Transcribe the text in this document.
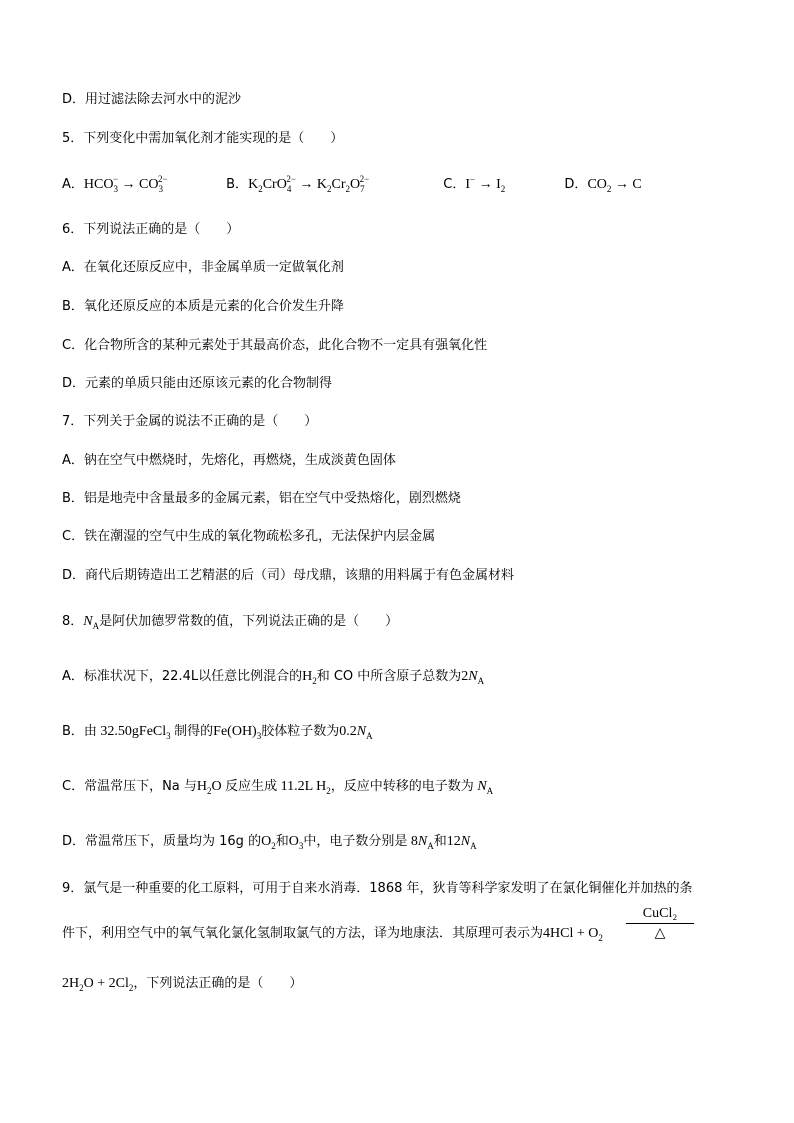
D．用过滤法除去河水中的泥沙
5．下列变化中需加氧化剂才能实现的是（　　）
A．$HCO_3^- \to CO_3^{2-}$	B．$K_2CrO_4^{2-} \to K_2Cr_2O_7^{2-}$	C．$I^- \to I_2$	D．$CO_2 \to C$
6．下列说法正确的是（　　）
A．在氧化还原反应中，非金属单质一定做氧化剂
B．氧化还原反应的本质是元素的化合价发生升降
C．化合物所含的某种元素处于其最高价态，此化合物不一定具有强氧化性
D．元素的单质只能由还原该元素的化合物制得
7．下列关于金属的说法不正确的是（　　）
A．钠在空气中燃烧时，先熔化，再燃烧，生成淡黄色固体
B．铝是地壳中含量最多的金属元素，铝在空气中受热熔化，剧烈燃烧
C．铁在潮湿的空气中生成的氧化物疏松多孔，无法保护内层金属
D．商代后期铸造出工艺精湛的后（司）母戊鼎，该鼎的用料属于有色金属材料
8．$N_A$是阿伏加德罗常数的值，下列说法正确的是（　　）
A．标准状况下，22.4L以任意比例混合的$H_2$和 CO 中所含原子总数为$2N_A$
B．由 32.50gFeCl$_3$ 制得的$Fe(OH)_3$胶体粒子数为$0.2N_A$
C．常温常压下，Na 与$H_2O$ 反应生成 11.2L $H_2$，反应中转移的电子数为 $N_A$
D．常温常压下，质量均为 16g 的$O_2$和$O_3$中，电子数分别是 $8N_A$和$12N_A$
9．氯气是一种重要的化工原料，可用于自来水消毒．1868 年，狄肯等科学家发明了在氯化铜催化并加热的条
件下，利用空气中的氧气氧化氯化氢制取氯气的方法，译为地康法．其原理可表示为$4HCl + O_2$
CuCl₂
△
$2H_2O + 2Cl_2$，下列说法正确的是（　　）
